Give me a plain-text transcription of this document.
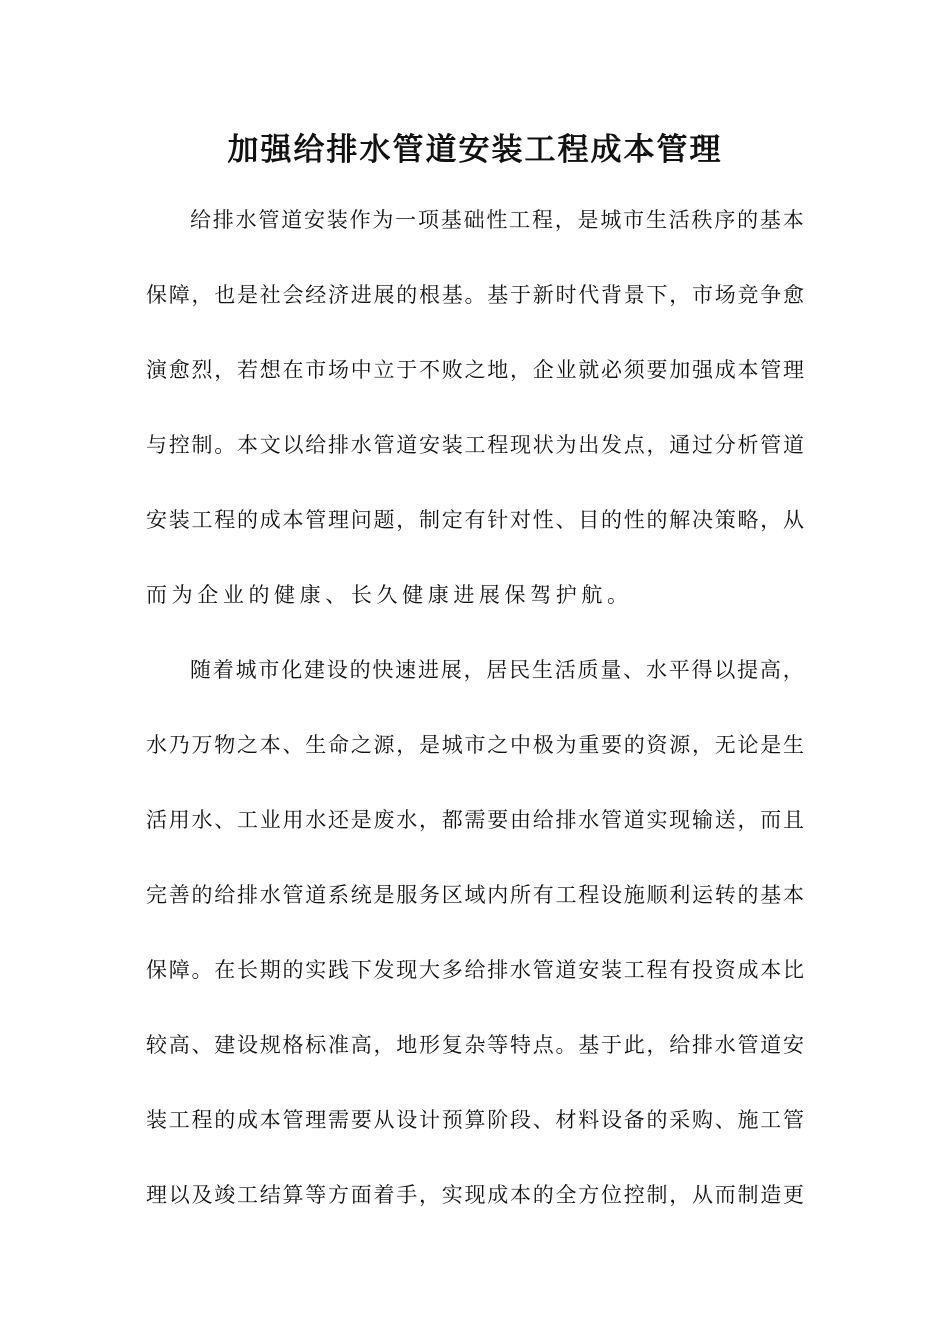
加强给排水管道安装工程成本管理
给 排 水 管 道 安 装 作 为 一 项 基 础 性 工 程 ， 是 城 市 生 活 秩 序 的 基 本
保 障 ， 也 是 社 会 经 济 进 展 的 根 基 。 基 于 新 时 代 背 景 下 ， 市 场 竞 争 愈
演 愈 烈 ， 若 想 在 市 场 中 立 于 不 败 之 地 ， 企 业 就 必 须 要 加 强 成 本 管 理
与 控 制 。 本 文 以 给 排 水 管 道 安 装 工 程 现 状 为 出 发 点 ， 通 过 分 析 管 道
安 装 工 程 的 成 本 管 理 问 题 ， 制 定 有 针 对 性 、 目 的 性 的 解 决 策 略 ， 从
而 为 企 业 的 健 康 、 长 久 健 康 进 展 保 驾 护 航 。
随 着 城 市 化 建 设 的 快 速 进 展 ， 居 民 生 活 质 量 、 水 平 得 以 提 高 ，
水 乃 万 物 之 本 、 生 命 之 源 ， 是 城 市 之 中 极 为 重 要 的 资 源 ， 无 论 是 生
活 用 水 、 工 业 用 水 还 是 废 水 ， 都 需 要 由 给 排 水 管 道 实 现 输 送 ， 而 且
完 善 的 给 排 水 管 道 系 统 是 服 务 区 域 内 所 有 工 程 设 施 顺 利 运 转 的 基 本
保 障 。 在 长 期 的 实 践 下 发 现 大 多 给 排 水 管 道 安 装 工 程 有 投 资 成 本 比
较 高 、 建 设 规 格 标 准 高 ， 地 形 复 杂 等 特 点 。 基 于 此 ， 给 排 水 管 道 安
装 工 程 的 成 本 管 理 需 要 从 设 计 预 算 阶 段 、 材 料 设 备 的 采 购 、 施 工 管
理 以 及 竣 工 结 算 等 方 面 着 手 ， 实 现 成 本 的 全 方 位 控 制 ， 从 而 制 造 更
